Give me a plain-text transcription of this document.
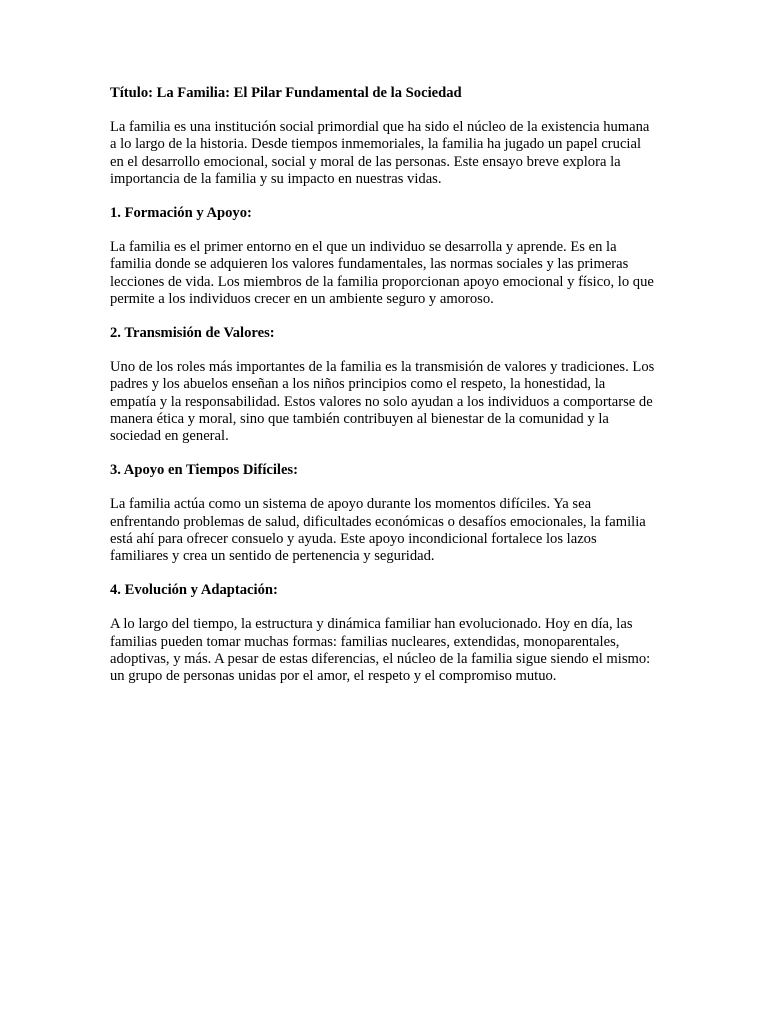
Título: La Familia: El Pilar Fundamental de la Sociedad

La familia es una institución social primordial que ha sido el núcleo de la existencia humana a lo largo de la historia. Desde tiempos inmemoriales, la familia ha jugado un papel crucial en el desarrollo emocional, social y moral de las personas. Este ensayo breve explora la importancia de la familia y su impacto en nuestras vidas.

1. Formación y Apoyo:

La familia es el primer entorno en el que un individuo se desarrolla y aprende. Es en la familia donde se adquieren los valores fundamentales, las normas sociales y las primeras lecciones de vida. Los miembros de la familia proporcionan apoyo emocional y físico, lo que permite a los individuos crecer en un ambiente seguro y amoroso.

2. Transmisión de Valores:

Uno de los roles más importantes de la familia es la transmisión de valores y tradiciones. Los padres y los abuelos enseñan a los niños principios como el respeto, la honestidad, la empatía y la responsabilidad. Estos valores no solo ayudan a los individuos a comportarse de manera ética y moral, sino que también contribuyen al bienestar de la comunidad y la sociedad en general.

3. Apoyo en Tiempos Difíciles:

La familia actúa como un sistema de apoyo durante los momentos difíciles. Ya sea enfrentando problemas de salud, dificultades económicas o desafíos emocionales, la familia está ahí para ofrecer consuelo y ayuda. Este apoyo incondicional fortalece los lazos familiares y crea un sentido de pertenencia y seguridad.

4. Evolución y Adaptación:

A lo largo del tiempo, la estructura y dinámica familiar han evolucionado. Hoy en día, las familias pueden tomar muchas formas: familias nucleares, extendidas, monoparentales, adoptivas, y más. A pesar de estas diferencias, el núcleo de la familia sigue siendo el mismo: un grupo de personas unidas por el amor, el respeto y el compromiso mutuo.
